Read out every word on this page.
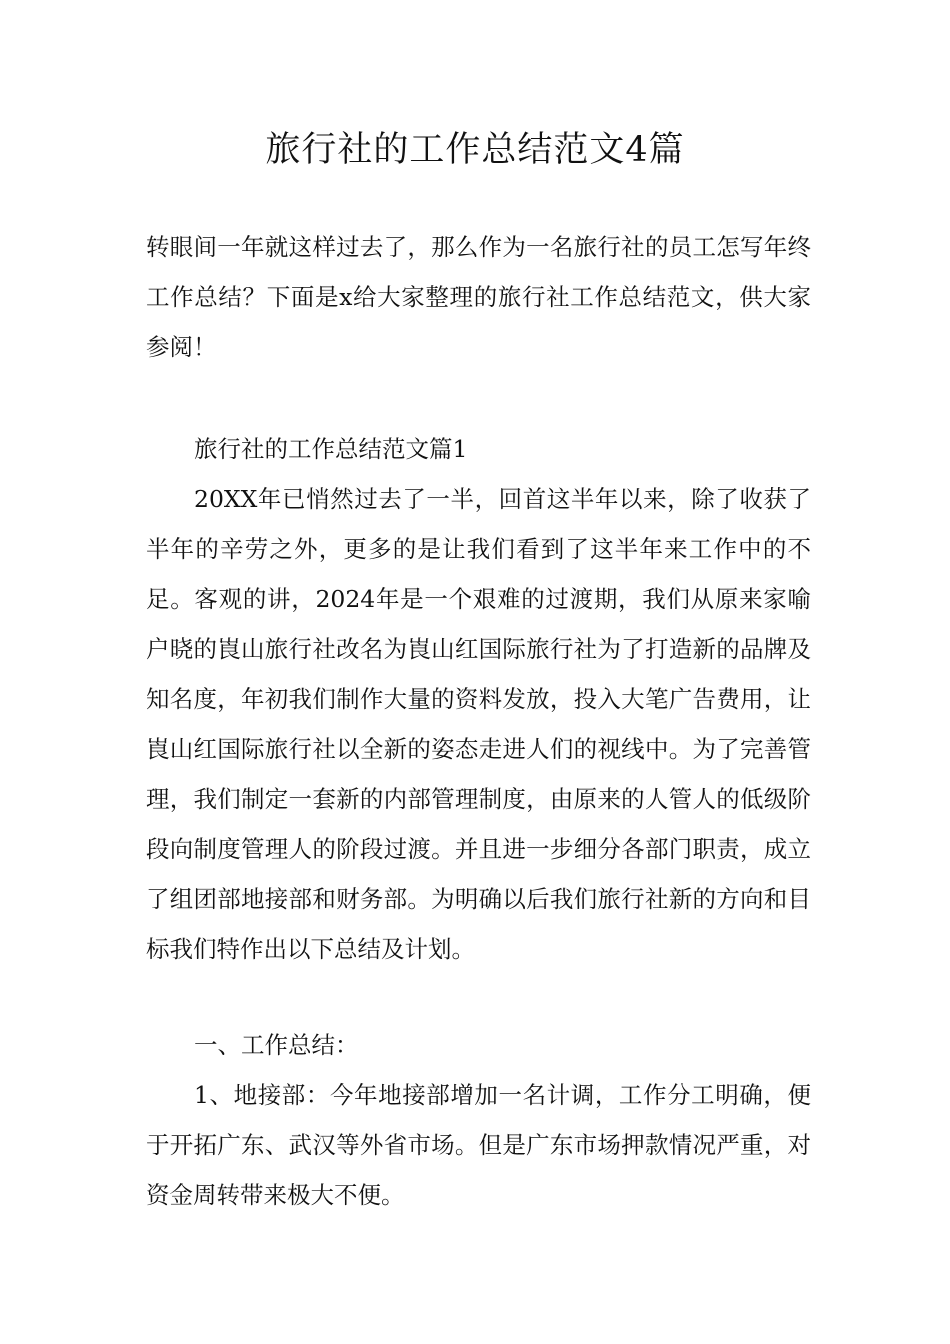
旅行社的工作总结范文4篇

转眼间一年就这样过去了，那么作为一名旅行社的员工怎写年终工作总结？下面是x给大家整理的旅行社工作总结范文，供大家参阅！

旅行社的工作总结范文篇1

20XX年已悄然过去了一半，回首这半年以来，除了收获了半年的辛劳之外，更多的是让我们看到了这半年来工作中的不足。客观的讲，2024年是一个艰难的过渡期，我们从原来家喻户晓的崀山旅行社改名为崀山红国际旅行社为了打造新的品牌及知名度，年初我们制作大量的资料发放，投入大笔广告费用，让崀山红国际旅行社以全新的姿态走进人们的视线中。为了完善管理，我们制定一套新的内部管理制度，由原来的人管人的低级阶段向制度管理人的阶段过渡。并且进一步细分各部门职责，成立了组团部地接部和财务部。为明确以后我们旅行社新的方向和目标我们特作出以下总结及计划。

一、工作总结：

1、地接部：今年地接部增加一名计调，工作分工明确，便于开拓广东、武汉等外省市场。但是广东市场押款情况严重，对资金周转带来极大不便。
